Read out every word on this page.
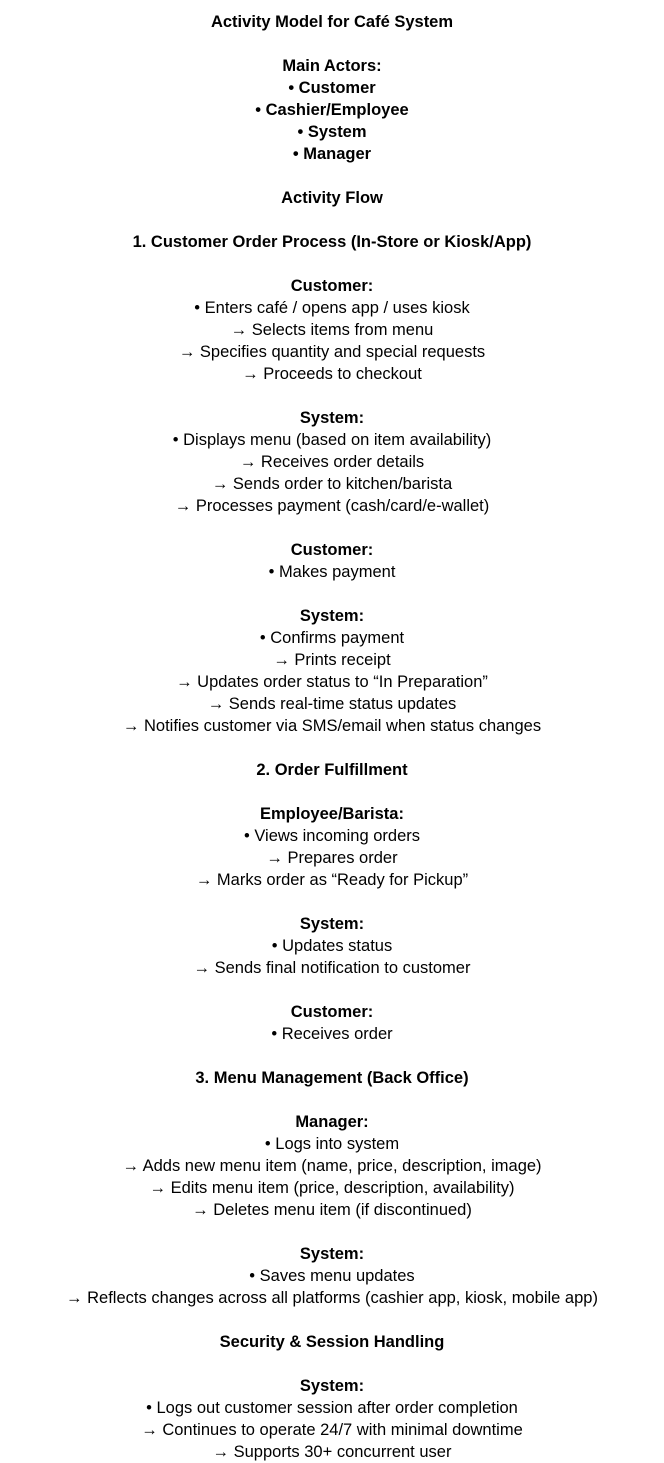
Activity Model for Café System
Main Actors:
• Customer
• Cashier/Employee
• System
• Manager
Activity Flow
1. Customer Order Process (In-Store or Kiosk/App)
Customer:
• Enters café / opens app / uses kiosk
→ Selects items from menu
→ Specifies quantity and special requests
→ Proceeds to checkout
System:
• Displays menu (based on item availability)
→ Receives order details
→ Sends order to kitchen/barista
→ Processes payment (cash/card/e-wallet)
Customer:
• Makes payment
System:
• Confirms payment
→ Prints receipt
→ Updates order status to “In Preparation”
→ Sends real-time status updates
→ Notifies customer via SMS/email when status changes
2. Order Fulfillment
Employee/Barista:
• Views incoming orders
→ Prepares order
→ Marks order as “Ready for Pickup”
System:
• Updates status
→ Sends final notification to customer
Customer:
• Receives order
3. Menu Management (Back Office)
Manager:
• Logs into system
→ Adds new menu item (name, price, description, image)
→ Edits menu item (price, description, availability)
→ Deletes menu item (if discontinued)
System:
• Saves menu updates
→ Reflects changes across all platforms (cashier app, kiosk, mobile app)
Security & Session Handling
System:
• Logs out customer session after order completion
→ Continues to operate 24/7 with minimal downtime
→ Supports 30+ concurrent user
